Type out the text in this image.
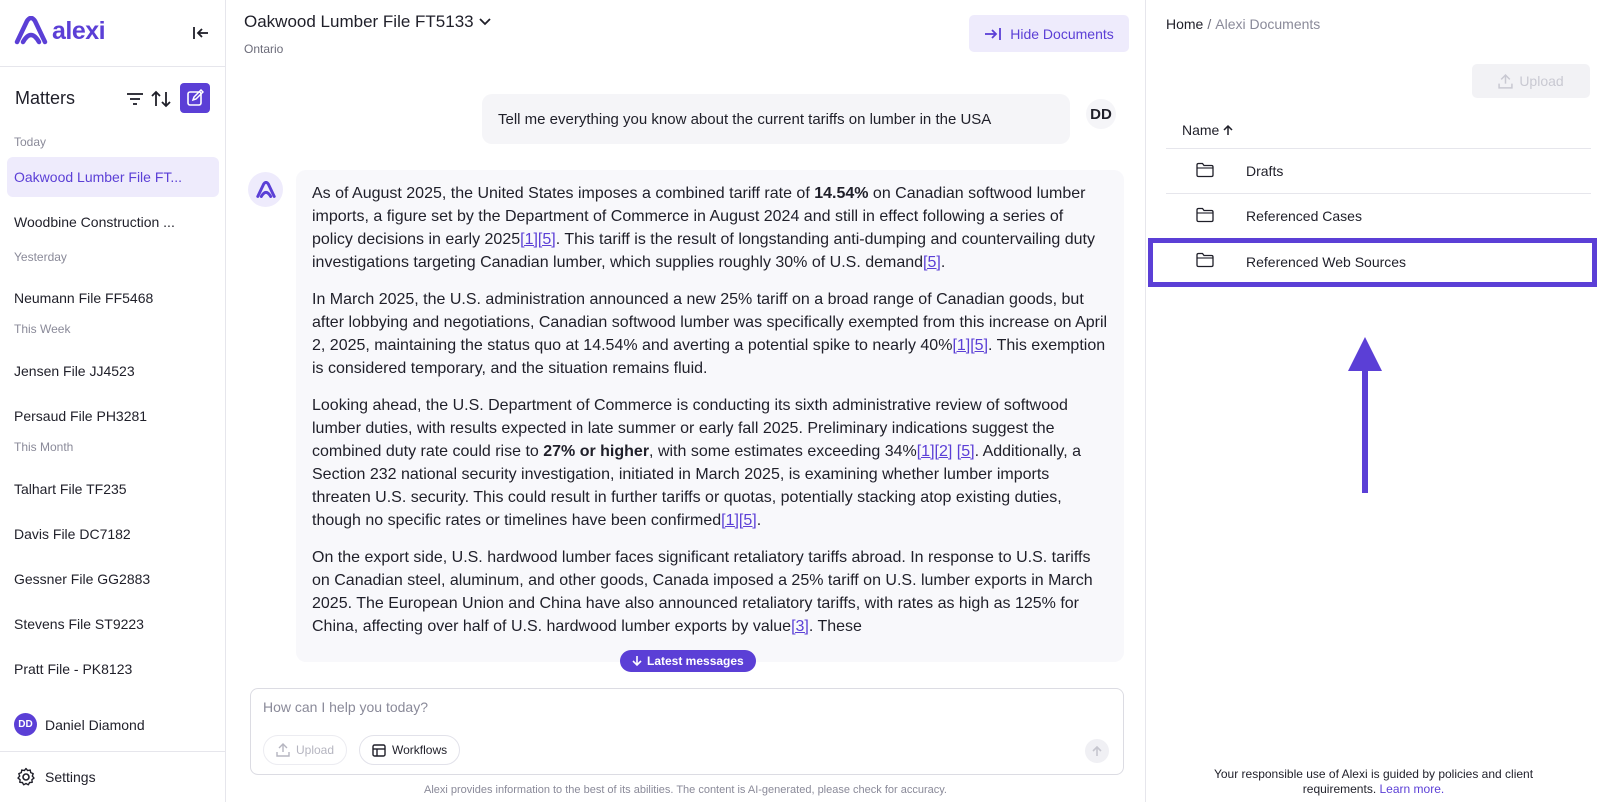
alexi
Matters
Today
Oakwood Lumber File FT...
Woodbine Construction ...
Yesterday
Neumann File FF5468
This Week
Jensen File JJ4523
Persaud File PH3281
This Month
Talhart File TF235
Davis File DC7182
Gessner File GG2883
Stevens File ST9223
Pratt File - PK8123
DD Daniel Diamond
Settings
Oakwood Lumber File FT5133
Ontario
Hide Documents
Tell me everything you know about the current tariffs on lumber in the USA	DD

As of August 2025, the United States imposes a combined tariff rate of 14.54% on Canadian softwood lumber imports, a figure set by the Department of Commerce in August 2024 and still in effect following a series of policy decisions in early 2025[1][5]. This tariff is the result of longstanding anti-dumping and countervailing duty investigations targeting Canadian lumber, which supplies roughly 30% of U.S. demand[5].

In March 2025, the U.S. administration announced a new 25% tariff on a broad range of Canadian goods, but after lobbying and negotiations, Canadian softwood lumber was specifically exempted from this increase on April 2, 2025, maintaining the status quo at 14.54% and averting a potential spike to nearly 40%[1][5]. This exemption is considered temporary, and the situation remains fluid.

Looking ahead, the U.S. Department of Commerce is conducting its sixth administrative review of softwood lumber duties, with results expected in late summer or early fall 2025. Preliminary indications suggest the combined duty rate could rise to 27% or higher, with some estimates exceeding 34%[1][2] [5]. Additionally, a Section 232 national security investigation, initiated in March 2025, is examining whether lumber imports threaten U.S. security. This could result in further tariffs or quotas, potentially stacking atop existing duties, though no specific rates or timelines have been confirmed[1][5].

On the export side, U.S. hardwood lumber faces significant retaliatory tariffs abroad. In response to U.S. tariffs on Canadian steel, aluminum, and other goods, Canada imposed a 25% tariff on U.S. lumber exports in March 2025. The European Union and China have also announced retaliatory tariffs, with rates as high as 125% for China, affecting over half of U.S. hardwood lumber exports by value[3]. These

Latest messages
How can I help you today?
Upload	Workflows
Alexi provides information to the best of its abilities. The content is AI-generated, please check for accuracy.
Home / Alexi Documents
Upload
Name
Drafts
Referenced Cases
Referenced Web Sources
Your responsible use of Alexi is guided by policies and client requirements. Learn more.
